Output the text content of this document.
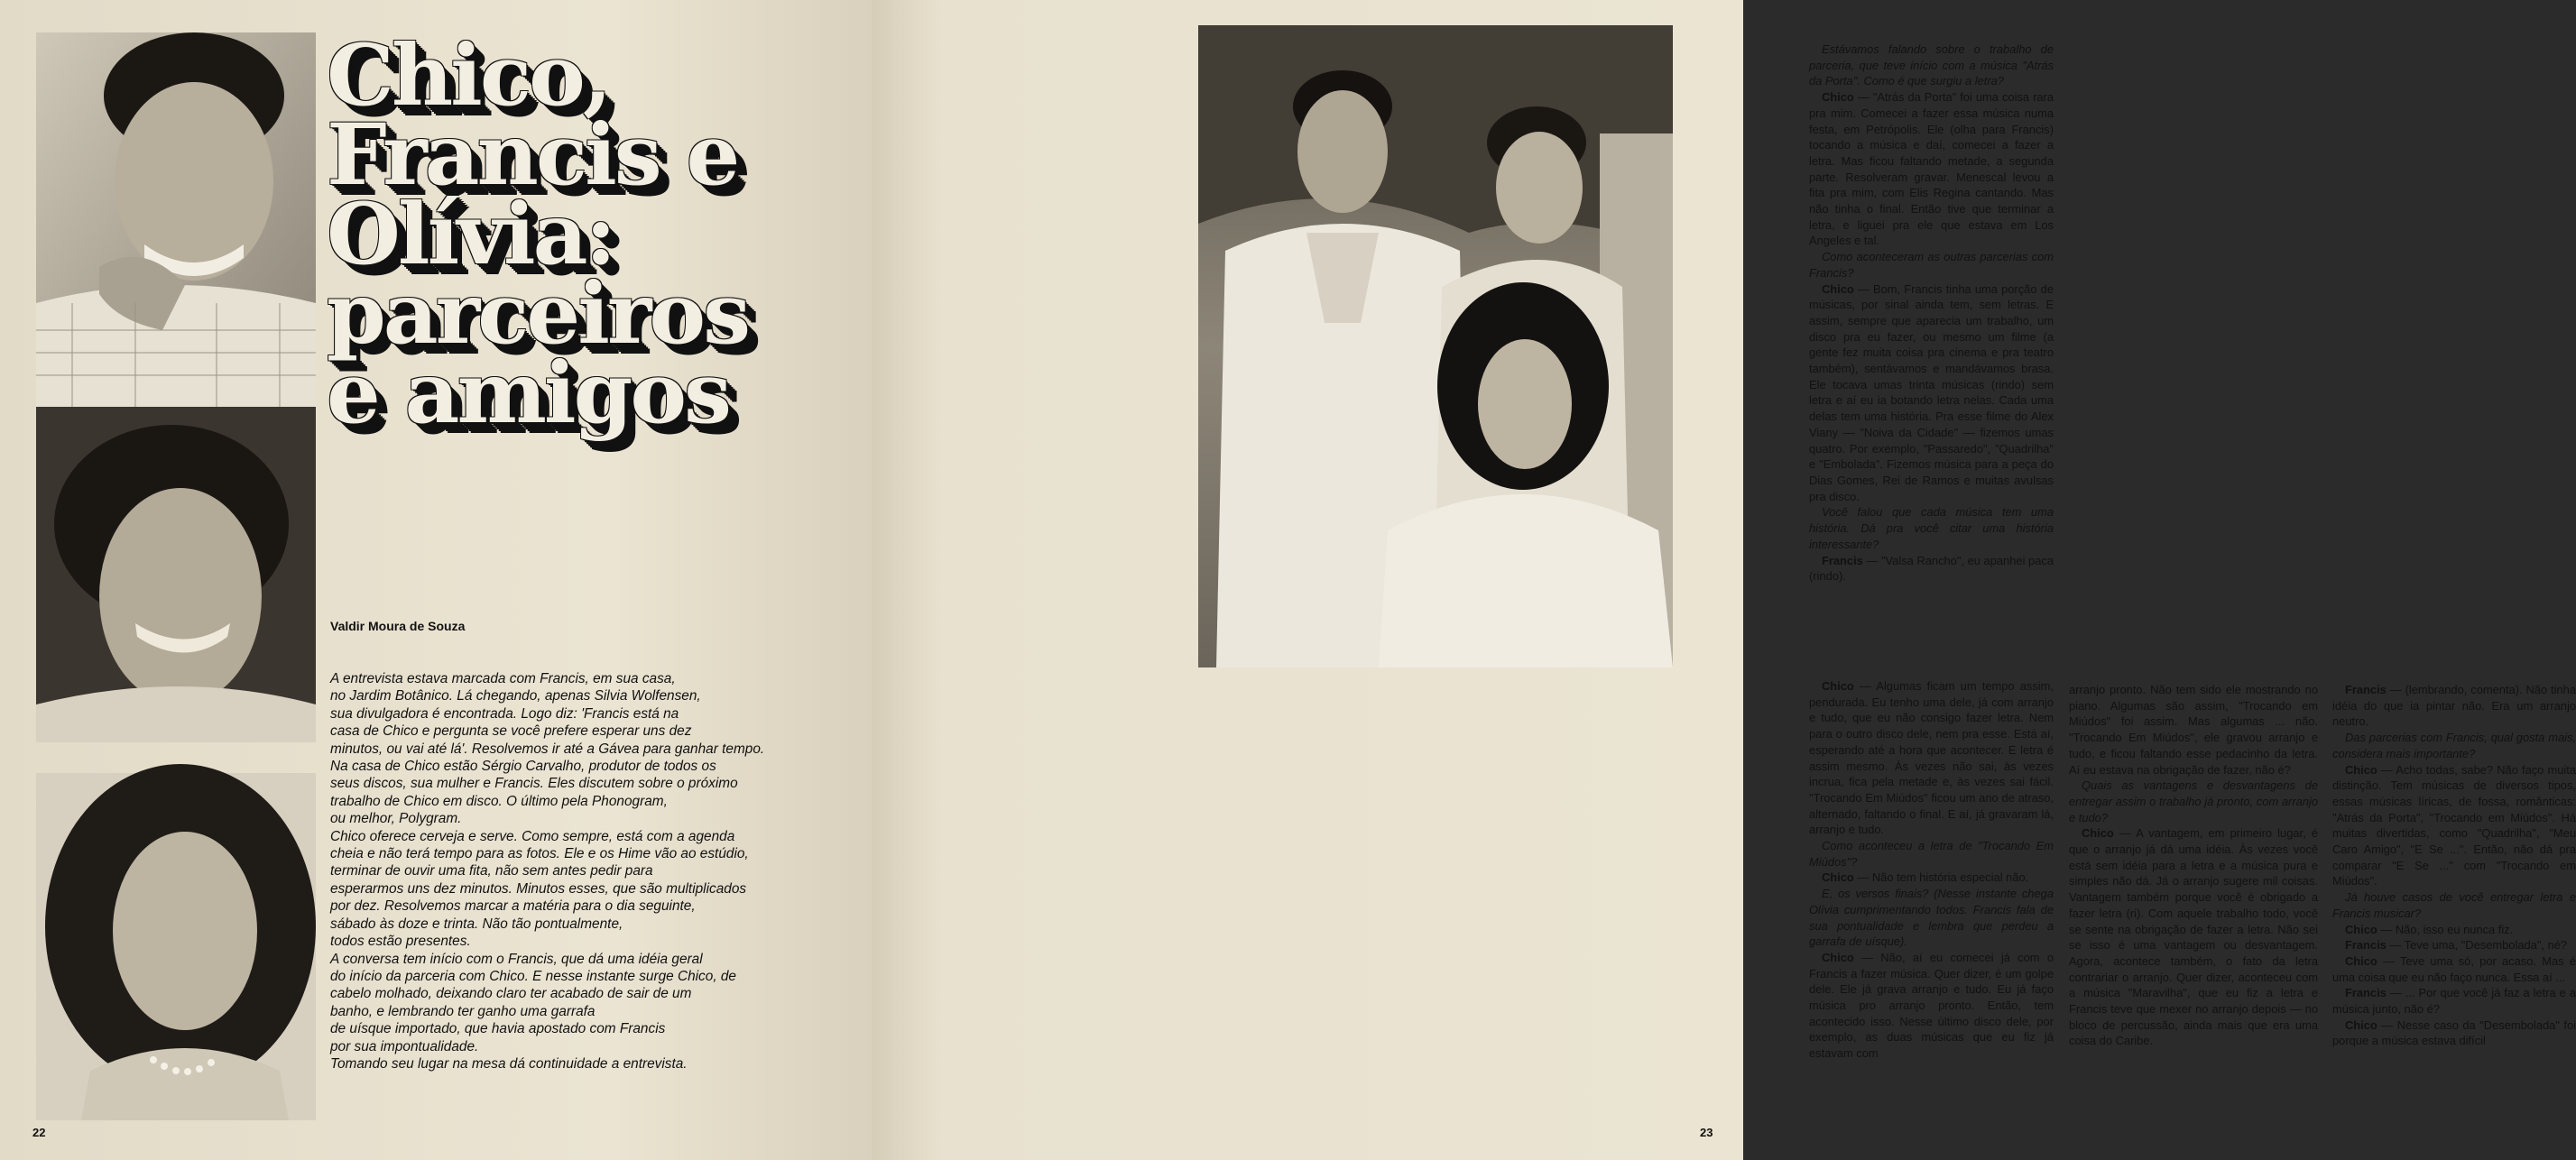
Chico,
Francis e
Olívia:
parceiros
e amigos
Valdir Moura de Souza
A entrevista estava marcada com Francis, em sua casa,
no Jardim Botânico. Lá chegando, apenas Silvia Wolfensen,
sua divulgadora é encontrada. Logo diz: 'Francis está na
casa de Chico e pergunta se você prefere esperar uns dez
minutos, ou vai até lá'. Resolvemos ir até a Gávea para ganhar tempo.
Na casa de Chico estão Sérgio Carvalho, produtor de todos os
seus discos, sua mulher e Francis. Eles discutem sobre o próximo
trabalho de Chico em disco. O último pela Phonogram,
ou melhor, Polygram.
Chico oferece cerveja e serve. Como sempre, está com a agenda
cheia e não terá tempo para as fotos. Ele e os Hime vão ao estúdio,
terminar de ouvir uma fita, não sem antes pedir para
esperarmos uns dez minutos. Minutos esses, que são multiplicados
por dez. Resolvemos marcar a matéria para o dia seguinte,
sábado às doze e trinta. Não tão pontualmente,
todos estão presentes.
A conversa tem início com o Francis, que dá uma idéia geral
do início da parceria com Chico. E nesse instante surge Chico, de
cabelo molhado, deixando claro ter acabado de sair de um
banho, e lembrando ter ganho uma garrafa
de uísque importado, que havia apostado com Francis
por sua impontualidade.
Tomando seu lugar na mesa dá continuidade a entrevista.
22

Estávamos falando sobre o trabalho de parceria, que teve início com a música "Atrás da Porta". Como é que surgiu a letra?

Chico — "Atrás da Porta" foi uma coisa rara pra mim. Comecei a fazer essa música numa festa, em Petrópolis. Ele (olha para Francis) tocando a música e daí, comecei a fazer a letra. Mas ficou faltando metade, a segunda parte. Resolveram gravar. Menescal levou a fita pra mim, com Elis Regina cantando. Mas não tinha o final. Então tive que terminar a letra, e liguei pra ele que estava em Los Angeles e tal.

Como aconteceram as outras parcerias com Francis?

Chico — Bom, Francis tinha uma porção de músicas, por sinal ainda tem, sem letras. E assim, sempre que aparecia um trabalho, um disco pra eu fazer, ou mesmo um filme (a gente fez muita coisa pra cinema e pra teatro também), sentávamos e mandávamos brasa. Ele tocava umas trinta músicas (rindo) sem letra e aí eu ia botando letra nelas. Cada uma delas tem uma história. Pra esse filme do Alex Viany — "Noiva da Cidade" — fizemos umas quatro. Por exemplo, "Passaredo", "Quadrilha" e "Embolada". Fizemos música para a peça do Dias Gomes, Rei de Ramos e muitas avulsas pra disco.

Você falou que cada música tem uma história. Dá pra você citar uma história interessante?

Francis — "Valsa Rancho", eu apanhei paca (rindo).

Chico — Algumas ficam um tempo assim, pendurada. Eu tenho uma dele, já com arranjo e tudo, que eu não consigo fazer letra. Nem para o outro disco dele, nem pra esse. Está aí, esperando até a hora que acontecer. E letra é assim mesmo. Às vezes não sai, às vezes incrua, fica pela metade e, às vezes sai fácil. "Trocando Em Miúdos" ficou um ano de atraso, alternado, faltando o final. E aí, já gravaram lá, arranjo e tudo.

Como aconteceu a letra de "Trocando Em Miúdos"?

Chico — Não tem história especial não.

E, os versos finais? (Nesse instante chega Olívia cumprimentando todos. Francis fala de sua pontualidade e lembra que perdeu a garrafa de uísque).

Chico — Não, aí eu comecei já com o Francis a fazer música. Quer dizer, é um golpe dele. Ele já grava arranjo e tudo. Eu já faço música pro arranjo pronto. Então, tem acontecido isso. Nesse último disco dele, por exemplo, as duas músicas que eu fiz já estavam com

arranjo pronto. Não tem sido ele mostrando no piano. Algumas são assim, "Trocando em Miúdos" foi assim. Mas algumas ... não. "Trocando Em Miúdos", ele gravou arranjo e tudo, e ficou faltando esse pedacinho da letra. Aí eu estava na obrigação de fazer, não é?

Quais as vantagens e desvantagens de entregar assim o trabalho já pronto, com arranjo e tudo?

Chico — A vantagem, em primeiro lugar, é que o arranjo já dá uma idéia. Às vezes você está sem idéia para a letra e a música pura e simples não dá. Já o arranjo sugere mil coisas. Vantagem também porque você é obrigado a fazer letra (ri). Com aquele trabalho todo, você se sente na obrigação de fazer a letra. Não sei se isso é uma vantagem ou desvantagem. Agora, acontece também, o fato da letra contrariar o arranjo. Quer dizer, aconteceu com a música "Maravilha", que eu fiz a letra e Francis teve que mexer no arranjo depois — no bloco de percussão, ainda mais que era uma coisa do Caribe.

Francis — (lembrando, comenta). Não tinha idéia do que ia pintar não. Era um arranjo neutro.

Das parcerias com Francis, qual gosta mais, considera mais importante?

Chico — Acho todas, sabe? Não faço muita distinção. Tem músicas de diversos tipos, essas músicas líricas, de fossa, românticas: "Atrás da Porta", "Trocando em Miúdos". Há muitas divertidas, como "Quadrilha", "Meu Caro Amigo", "E Se ...". Então, não dá pra comparar "E Se ..." com "Trocando em Miúdos".

Já houve casos de você entregar letra e Francis musicar?

Chico — Não, isso eu nunca fiz.

Francis — Teve uma, "Desembolada", né?

Chico — Teve uma só, por acaso. Mas é uma coisa que eu não faço nunca. Essa aí ...

Francis — ... Por que você já faz a letra e a música junto, não é?

Chico — Nesse caso da "Desembolada" foi porque a música estava difícil

23
